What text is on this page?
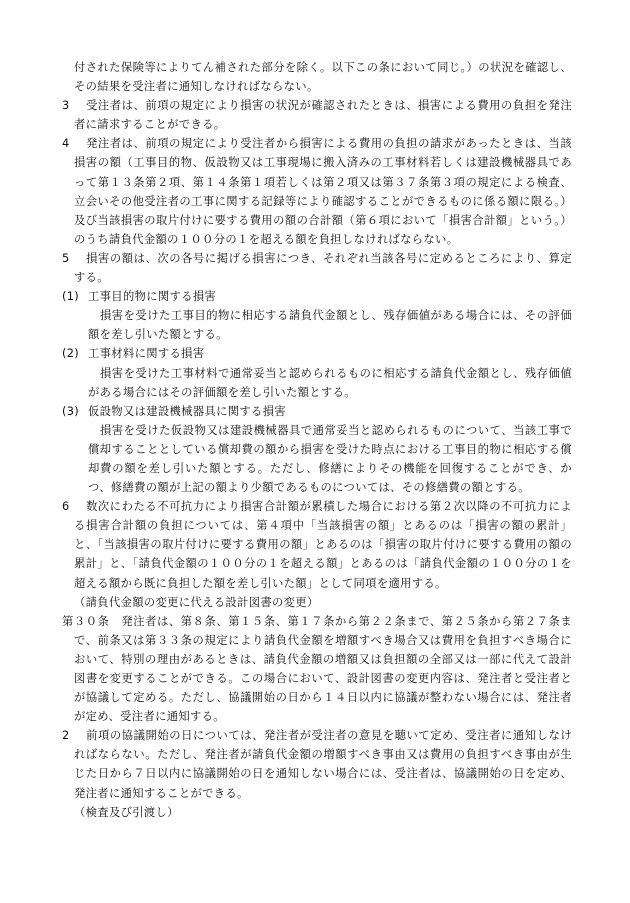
付された保険等によりてん補された部分を除く。以下この条において同じ。）の状況を確認し、その結果を受注者に通知しなければならない。

3　受注者は、前項の規定により損害の状況が確認されたときは、損害による費用の負担を発注者に請求することができる。

4　発注者は、前項の規定により受注者から損害による費用の負担の請求があったときは、当該損害の額（工事目的物、仮設物又は工事現場に搬入済みの工事材料若しくは建設機械器具であって第１３条第２項、第１４条第１項若しくは第２項又は第３７条第３項の規定による検査、立会いその他受注者の工事に関する記録等により確認することができるものに係る額に限る。）及び当該損害の取片付けに要する費用の額の合計額（第６項において「損害合計額」という。）のうち請負代金額の１００分の１を超える額を負担しなければならない。

5　損害の額は、次の各号に掲げる損害につき、それぞれ当該各号に定めるところにより、算定する。

(1) 工事目的物に関する損害

損害を受けた工事目的物に相応する請負代金額とし、残存価値がある場合には、その評価額を差し引いた額とする。

(2) 工事材料に関する損害

損害を受けた工事材料で通常妥当と認められるものに相応する請負代金額とし、残存価値がある場合にはその評価額を差し引いた額とする。

(3) 仮設物又は建設機械器具に関する損害

損害を受けた仮設物又は建設機械器具で通常妥当と認められるものについて、当該工事で償却することとしている償却費の額から損害を受けた時点における工事目的物に相応する償却費の額を差し引いた額とする。ただし、修繕によりその機能を回復することができ、かつ、修繕費の額が上記の額より少額であるものについては、その修繕費の額とする。

6　数次にわたる不可抗力により損害合計額が累積した場合における第２次以降の不可抗力による損害合計額の負担については、第４項中「当該損害の額」とあるのは「損害の額の累計」と、「当該損害の取片付けに要する費用の額」とあるのは「損害の取片付けに要する費用の額の累計」と、「請負代金額の１００分の１を超える額」とあるのは「請負代金額の１００分の１を超える額から既に負担した額を差し引いた額」として同項を適用する。

（請負代金額の変更に代える設計図書の変更）

第３０条　発注者は、第８条、第１５条、第１７条から第２２条まで、第２５条から第２７条まで、前条又は第３３条の規定により請負代金額を増額すべき場合又は費用を負担すべき場合において、特別の理由があるときは、請負代金額の増額又は負担額の全部又は一部に代えて設計図書を変更することができる。この場合において、設計図書の変更内容は、発注者と受注者とが協議して定める。ただし、協議開始の日から１４日以内に協議が整わない場合には、発注者が定め、受注者に通知する。

2　前項の協議開始の日については、発注者が受注者の意見を聴いて定め、受注者に通知しなければならない。ただし、発注者が請負代金額の増額すべき事由又は費用の負担すべき事由が生じた日から７日以内に協議開始の日を通知しない場合には、受注者は、協議開始の日を定め、発注者に通知することができる。

（検査及び引渡し）
